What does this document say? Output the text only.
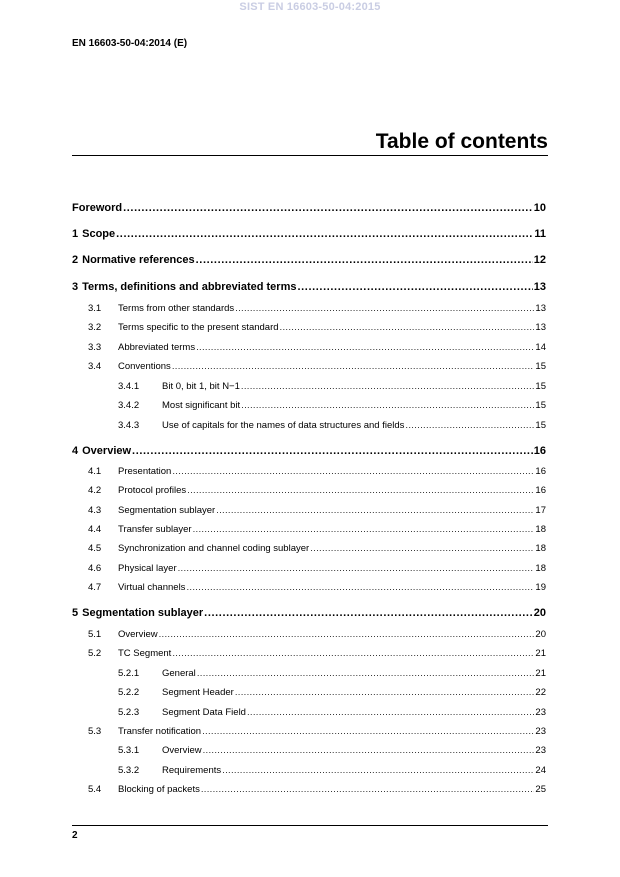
SIST EN 16603-50-04:2015
EN 16603-50-04:2014 (E)
Table of contents
Foreword .....	10
1 Scope .....	11
2 Normative references .....	12
3 Terms, definitions and abbreviated terms .....	13
3.1	Terms from other standards .....	13
3.2	Terms specific to the present standard .....	13
3.3	Abbreviated terms .....	14
3.4	Conventions .....	15
3.4.1	Bit 0, bit 1, bit N−1 .....	15
3.4.2	Most significant bit .....	15
3.4.3	Use of capitals for the names of data structures and fields .....	15
4 Overview .....	16
4.1	Presentation .....	16
4.2	Protocol profiles .....	16
4.3	Segmentation sublayer .....	17
4.4	Transfer sublayer .....	18
4.5	Synchronization and channel coding sublayer .....	18
4.6	Physical layer .....	18
4.7	Virtual channels .....	19
5 Segmentation sublayer .....	20
5.1	Overview .....	20
5.2	TC Segment .....	21
5.2.1	General .....	21
5.2.2	Segment Header .....	22
5.2.3	Segment Data Field .....	23
5.3	Transfer notification .....	23
5.3.1	Overview .....	23
5.3.2	Requirements .....	24
5.4	Blocking of packets .....	25
2
